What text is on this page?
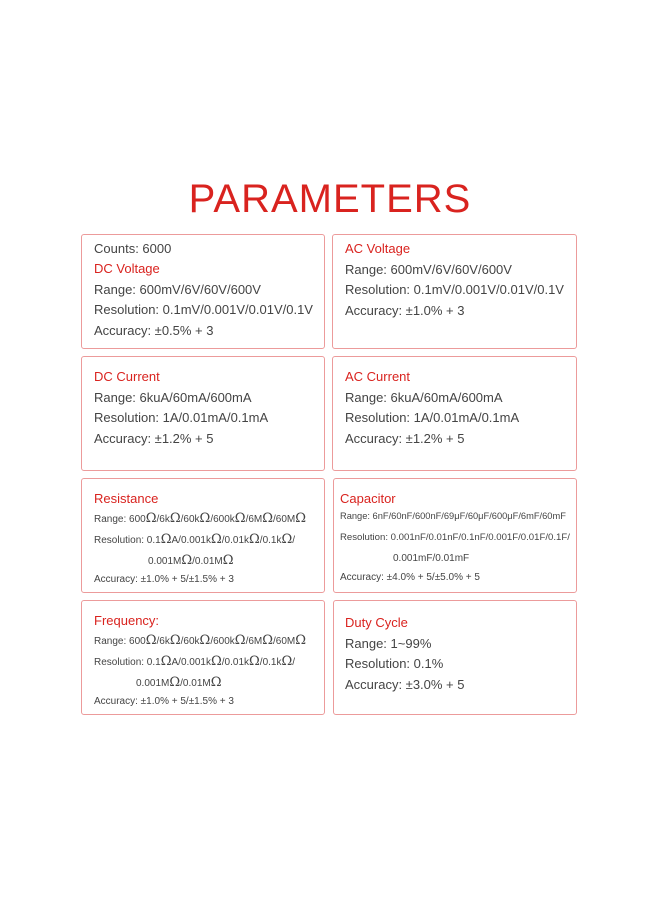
PARAMETERS
Counts: 6000
DC Voltage
Range: 600mV/6V/60V/600V
Resolution: 0.1mV/0.001V/0.01V/0.1V
Accuracy: ±0.5% + 3
AC Voltage
Range: 600mV/6V/60V/600V
Resolution: 0.1mV/0.001V/0.01V/0.1V
Accuracy: ±1.0% + 3
DC Current
Range: 6kuA/60mA/600mA
Resolution: 1A/0.01mA/0.1mA
Accuracy: ±1.2% + 5
AC Current
Range: 6kuA/60mA/600mA
Resolution: 1A/0.01mA/0.1mA
Accuracy: ±1.2% + 5
Resistance
Range: 600Ω/6kΩ/60kΩ/600kΩ/6MΩ/60MΩ
Resolution: 0.1ΩA/0.001kΩ/0.01kΩ/0.1kΩ/
0.001MΩ/0.01MΩ
Accuracy: ±1.0% + 5/±1.5% + 3
Capacitor
Range: 6nF/60nF/600nF/69μF/60μF/600μF/6mF/60mF
Resolution: 0.001nF/0.01nF/0.1nF/0.001F/0.01F/0.1F/
0.001mF/0.01mF
Accuracy: ±4.0% + 5/±5.0% + 5
Frequency:
Range: 600Ω/6kΩ/60kΩ/600kΩ/6MΩ/60MΩ
Resolution: 0.1ΩA/0.001kΩ/0.01kΩ/0.1kΩ/
0.001MΩ/0.01MΩ
Accuracy: ±1.0% + 5/±1.5% + 3
Duty Cycle
Range: 1~99%
Resolution: 0.1%
Accuracy: ±3.0% + 5
